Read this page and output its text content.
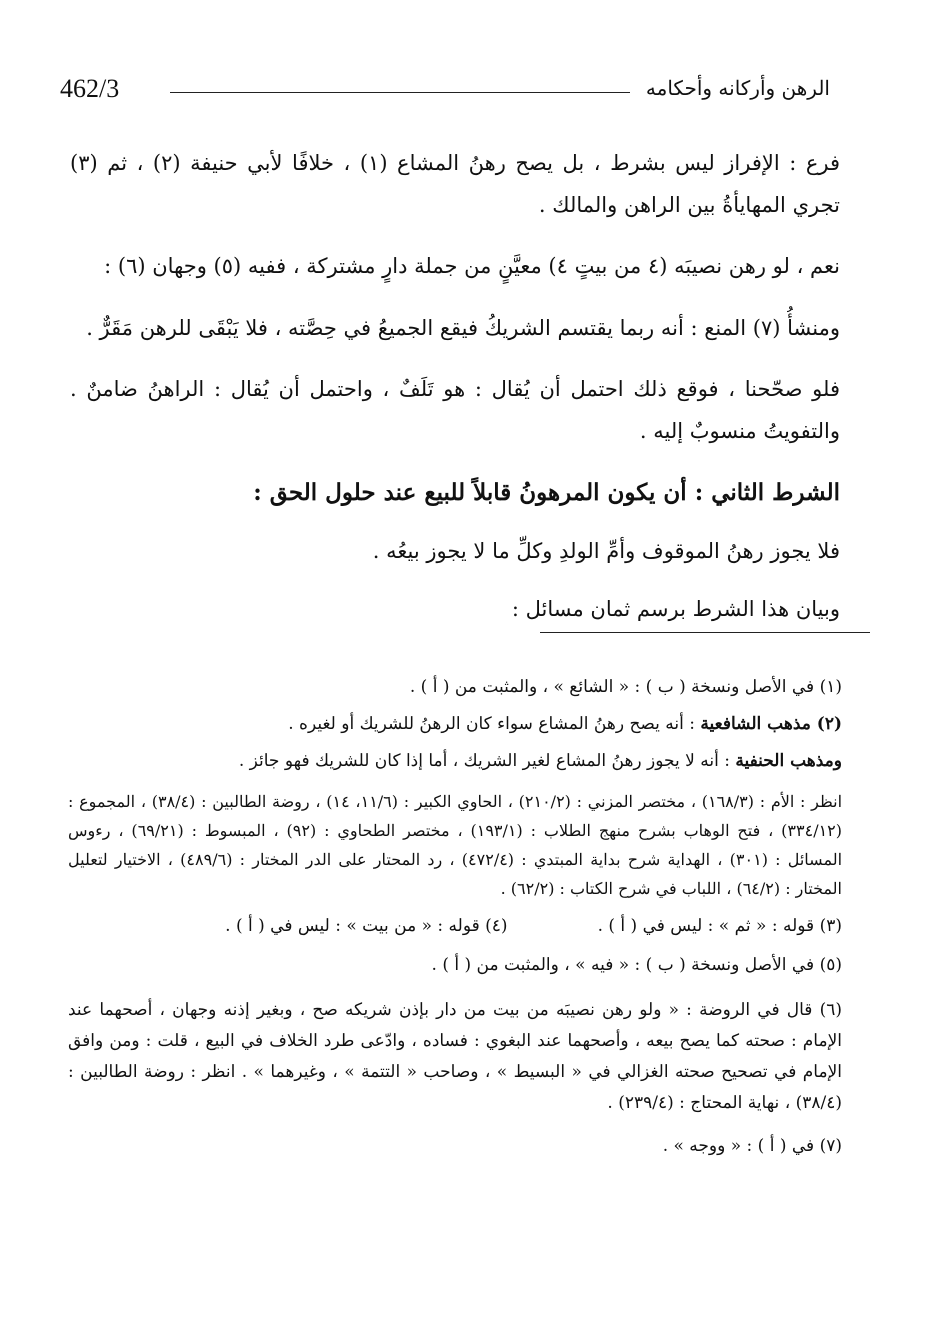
462/3	الرهن وأركانه وأحكامه

فرع : الإفراز ليس بشرط ، بل يصح رهنُ المشاع (١) ، خلافًا لأبي حنيفة (٢) ، ثم (٣) تجري المهايأةُ بين الراهن والمالك .

نعم ، لو رهن نصيبَه (٤ من بيتٍ ٤) معيَّنٍ من جملة دارٍ مشتركة ، ففيه (٥) وجهان (٦) :

ومنشأُ (٧) المنع : أنه ربما يقتسم الشريكُ فيقع الجميعُ في حِصَّته ، فلا يَبْقَى للرهن مَقَرٌّ .

فلو صحّحنا ، فوقع ذلك احتمل أن يُقال : هو تَلَفٌ ، واحتمل أن يُقال : الراهنُ ضامنٌ . والتفويتُ منسوبٌ إليه .

الشرط الثاني : أن يكون المرهونُ قابلاً للبيع عند حلول الحق :

فلا يجوز رهنُ الموقوف وأمِّ الولدِ وكلِّ ما لا يجوز بيعُه .

وبيان هذا الشرط برسم ثمان مسائل :

(١) في الأصل ونسخة ( ب ) : « الشائع » ، والمثبت من ( أ ) .

(٢) مذهب الشافعية : أنه يصح رهنُ المشاع سواء كان الرهنُ للشريك أو لغيره .

ومذهب الحنفية : أنه لا يجوز رهنُ المشاع لغير الشريك ، أما إذا كان للشريك فهو جائز .

انظر : الأم : (١٦٨/٣) ، مختصر المزني : (٢١٠/٢) ، الحاوي الكبير : (١١/٦، ١٤) ، روضة الطالبين : (٣٨/٤) ، المجموع : (٣٣٤/١٢) ، فتح الوهاب بشرح منهج الطلاب : (١٩٣/١) ، مختصر الطحاوي : (٩٢) ، المبسوط : (٦٩/٢١) ، رءوس المسائل : (٣٠١) ، الهداية شرح بداية المبتدي : (٤٧٢/٤) ، رد المحتار على الدر المختار : (٤٨٩/٦) ، الاختيار لتعليل المختار : (٦٤/٢) ، اللباب في شرح الكتاب : (٦٢/٢) .

(٣) قوله : « ثم » : ليس في ( أ ) .
(٤) قوله : « من بيت » : ليس في ( أ ) .

(٥) في الأصل ونسخة ( ب ) : « فيه » ، والمثبت من ( أ ) .

(٦) قال في الروضة : « ولو رهن نصيبَه من بيت من دار بإذن شريكه صح ، وبغير إذنه وجهان ، أصحهما عند الإمام : صحته كما يصح بيعه ، وأصحهما عند البغوي : فساده ، وادّعى طرد الخلاف في البيع ، قلت : ومن وافق الإمام في تصحيح صحته الغزالي في « البسيط » ، وصاحب « التتمة » ، وغيرهما » . انظر : روضة الطالبين : (٣٨/٤) ، نهاية المحتاج : (٢٣٩/٤) .

(٧) في ( أ ) : « ووجه » .
